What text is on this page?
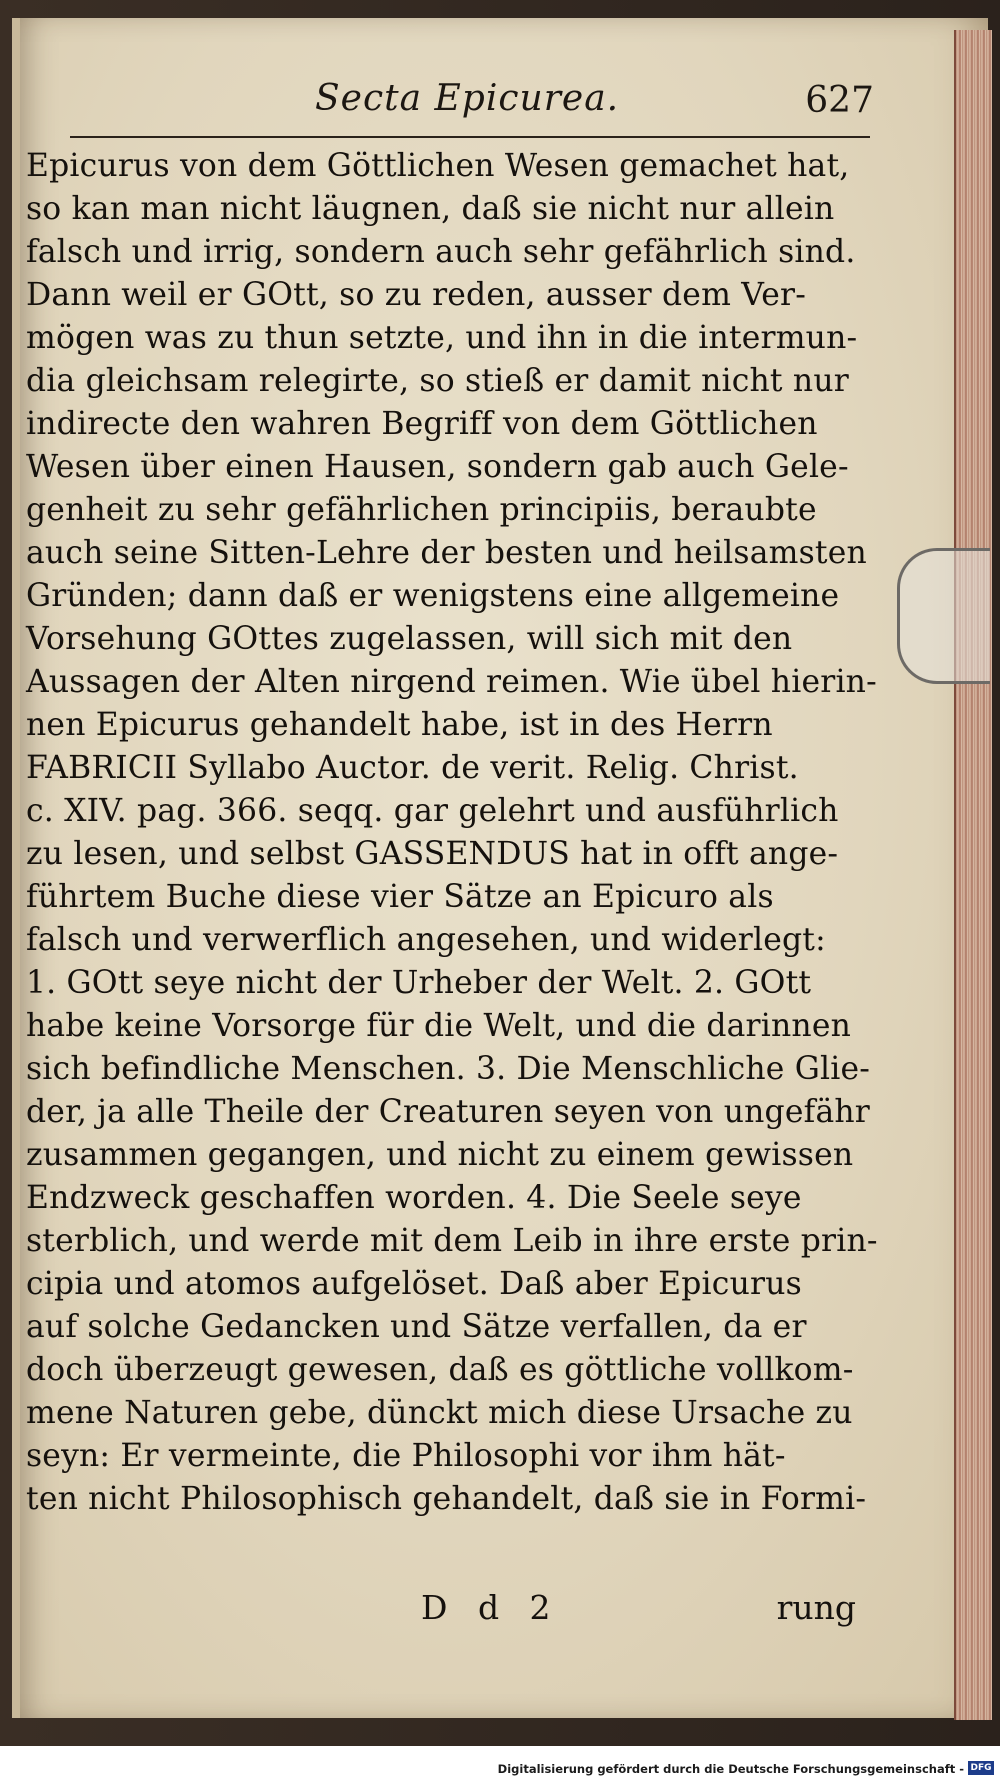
Secta Epicurea.	627
Epicurus von dem Göttlichen Wesen gemachet hat,
so kan man nicht läugnen, daß sie nicht nur allein
falsch und irrig, sondern auch sehr gefährlich sind.
Dann weil er GOtt, so zu reden, ausser dem Ver-
mögen was zu thun setzte, und ihn in die intermun-
dia gleichsam relegirte, so stieß er damit nicht nur
indirecte den wahren Begriff von dem Göttlichen
Wesen über einen Hausen, sondern gab auch Gele-
genheit zu sehr gefährlichen principiis, beraubte
auch seine Sitten-Lehre der besten und heilsamsten
Gründen; dann daß er wenigstens eine allgemeine
Vorsehung GOttes zugelassen, will sich mit den
Aussagen der Alten nirgend reimen. Wie übel hierin-
nen Epicurus gehandelt habe, ist in des Herrn
FABRICII Syllabo Auctor. de verit. Relig. Christ.
c. XIV. pag. 366. seqq. gar gelehrt und ausführlich
zu lesen, und selbst GASSENDUS hat in offt ange-
führtem Buche diese vier Sätze an Epicuro als
falsch und verwerflich angesehen, und widerlegt:
1. GOtt seye nicht der Urheber der Welt. 2. GOtt
habe keine Vorsorge für die Welt, und die darinnen
sich befindliche Menschen. 3. Die Menschliche Glie-
der, ja alle Theile der Creaturen seyen von ungefähr
zusammen gegangen, und nicht zu einem gewissen
Endzweck geschaffen worden. 4. Die Seele seye
sterblich, und werde mit dem Leib in ihre erste prin-
cipia und atomos aufgelöset. Daß aber Epicurus
auf solche Gedancken und Sätze verfallen, da er
doch überzeugt gewesen, daß es göttliche vollkom-
mene Naturen gebe, dünckt mich diese Ursache zu
seyn: Er vermeinte, die Philosophi vor ihm hät-
ten nicht Philosophisch gehandelt, daß sie in Formi-
D d 2	rung
Digitalisierung gefördert durch die Deutsche Forschungsgemeinschaft - DFG
